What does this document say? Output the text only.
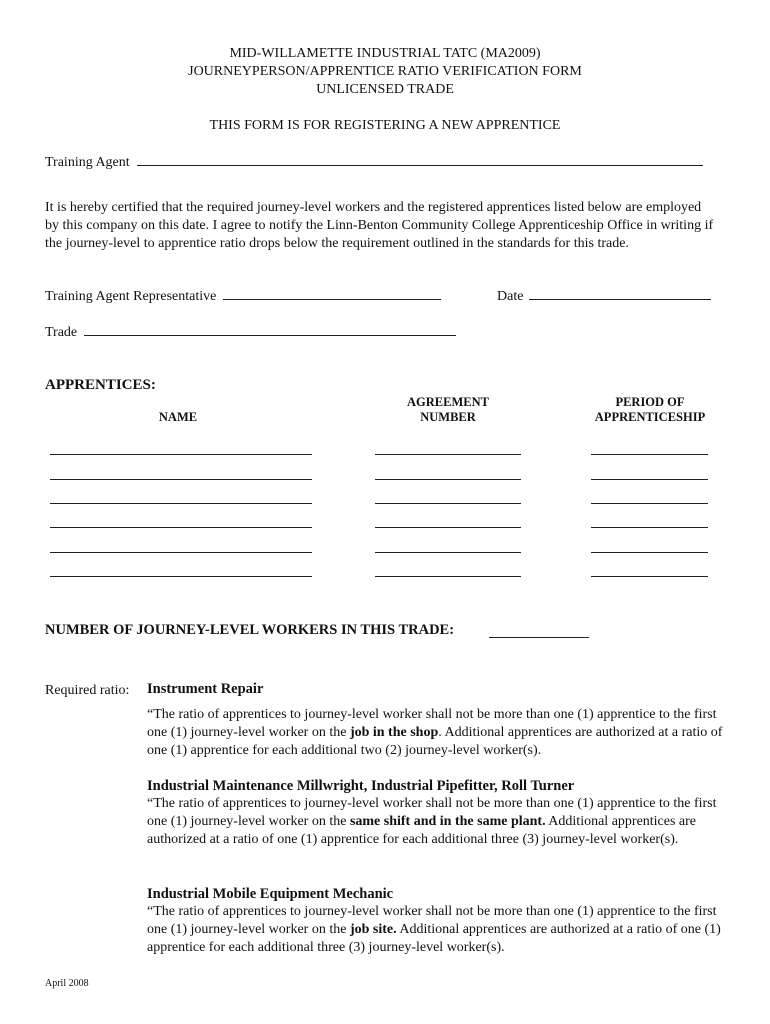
MID-WILLAMETTE INDUSTRIAL TATC (MA2009)
JOURNEYPERSON/APPRENTICE RATIO VERIFICATION FORM
UNLICENSED TRADE
THIS FORM IS FOR REGISTERING A NEW APPRENTICE
Training Agent
It is hereby certified that the required journey-level workers and the registered apprentices listed below are employed by this company on this date. I agree to notify the Linn-Benton Community College Apprenticeship Office in writing if the journey-level to apprentice ratio drops below the requirement outlined in the standards for this trade.
Training Agent Representative	Date
Trade
APPRENTICES:
NAME
AGREEMENT
NUMBER
PERIOD OF
APPRENTICESHIP
NUMBER OF JOURNEY-LEVEL WORKERS IN THIS TRADE:
Required ratio: Instrument Repair
“The ratio of apprentices to journey-level worker shall not be more than one (1) apprentice to the first one (1) journey-level worker on the job in the shop. Additional apprentices are authorized at a ratio of one (1) apprentice for each additional two (2) journey-level worker(s).
Industrial Maintenance Millwright, Industrial Pipefitter, Roll Turner
“The ratio of apprentices to journey-level worker shall not be more than one (1) apprentice to the first one (1) journey-level worker on the same shift and in the same plant. Additional apprentices are authorized at a ratio of one (1) apprentice for each additional three (3) journey-level worker(s).
Industrial Mobile Equipment Mechanic
“The ratio of apprentices to journey-level worker shall not be more than one (1) apprentice to the first one (1) journey-level worker on the job site. Additional apprentices are authorized at a ratio of one (1) apprentice for each additional three (3) journey-level worker(s).
April 2008
